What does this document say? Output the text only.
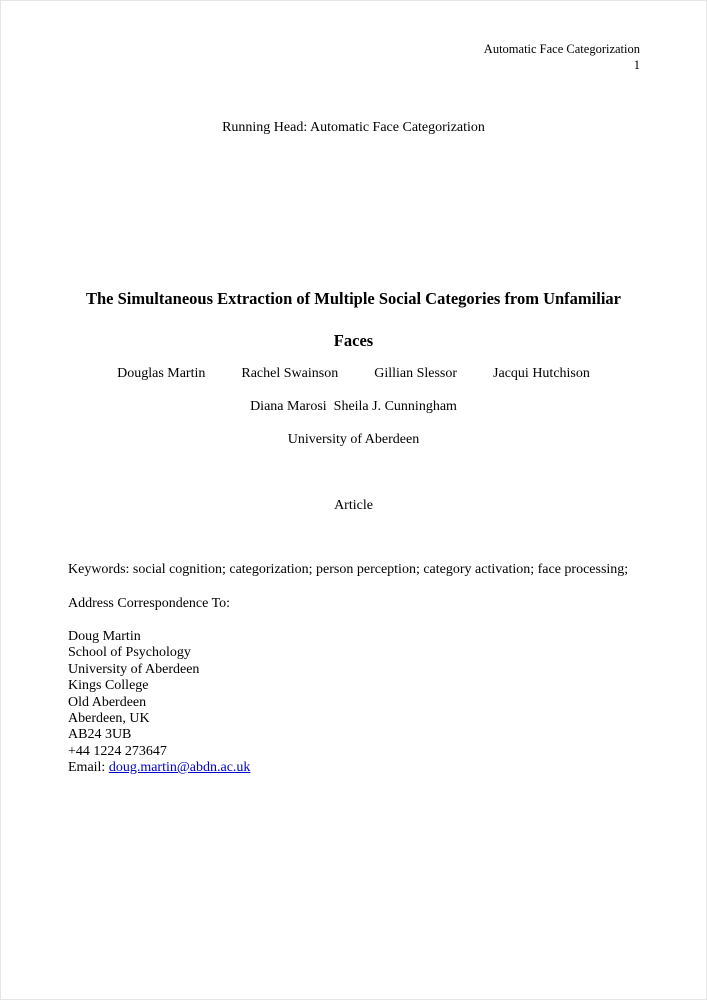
Automatic Face Categorization
1
Running Head: Automatic Face Categorization
The Simultaneous Extraction of Multiple Social Categories from Unfamiliar
Faces
Douglas Martin	Rachel Swainson	Gillian Slessor	Jacqui Hutchison
Diana Marosi  Sheila J. Cunningham
University of Aberdeen
Article
Keywords: social cognition; categorization; person perception; category activation; face processing;
Address Correspondence To:
Doug Martin
School of Psychology
University of Aberdeen
Kings College
Old Aberdeen
Aberdeen, UK
AB24 3UB
+44 1224 273647
Email: doug.martin@abdn.ac.uk
